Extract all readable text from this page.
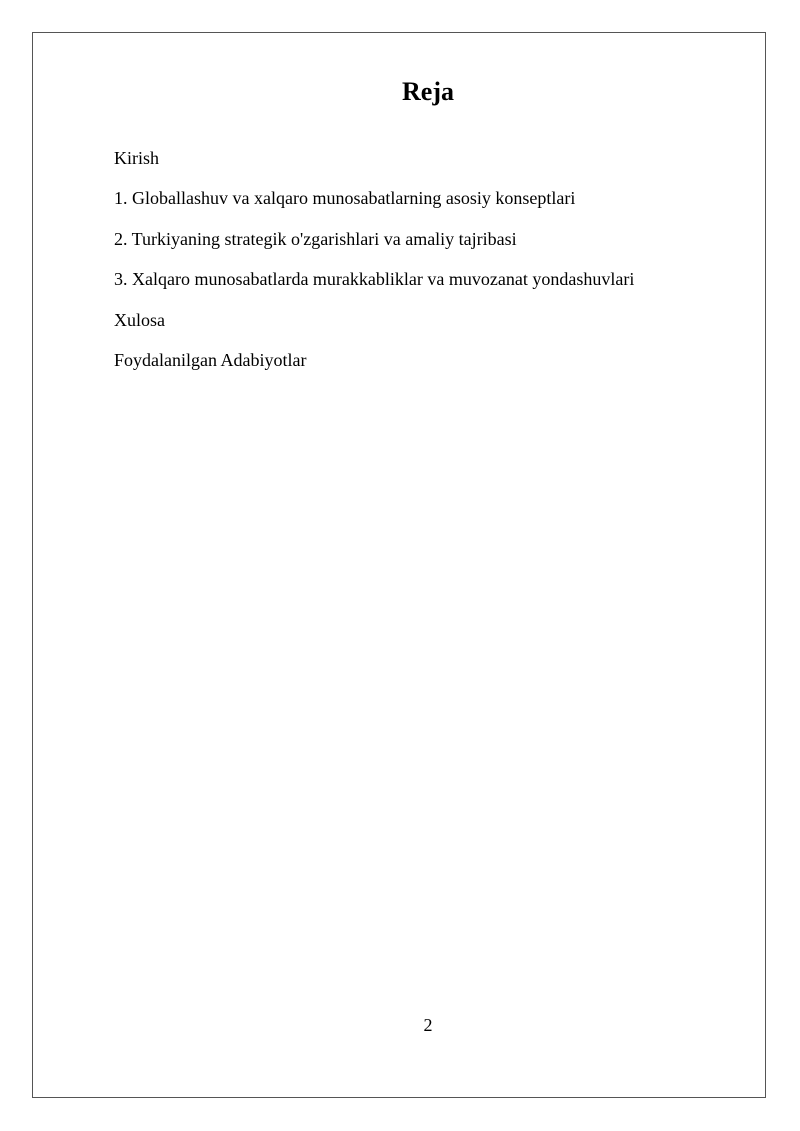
Reja
Kirish
1. Globallashuv va xalqaro munosabatlarning asosiy konseptlari
2. Turkiyaning strategik o'zgarishlari va amaliy tajribasi
3. Xalqaro munosabatlarda murakkabliklar va muvozanat yondashuvlari
Xulosa
Foydalanilgan Adabiyotlar
2
